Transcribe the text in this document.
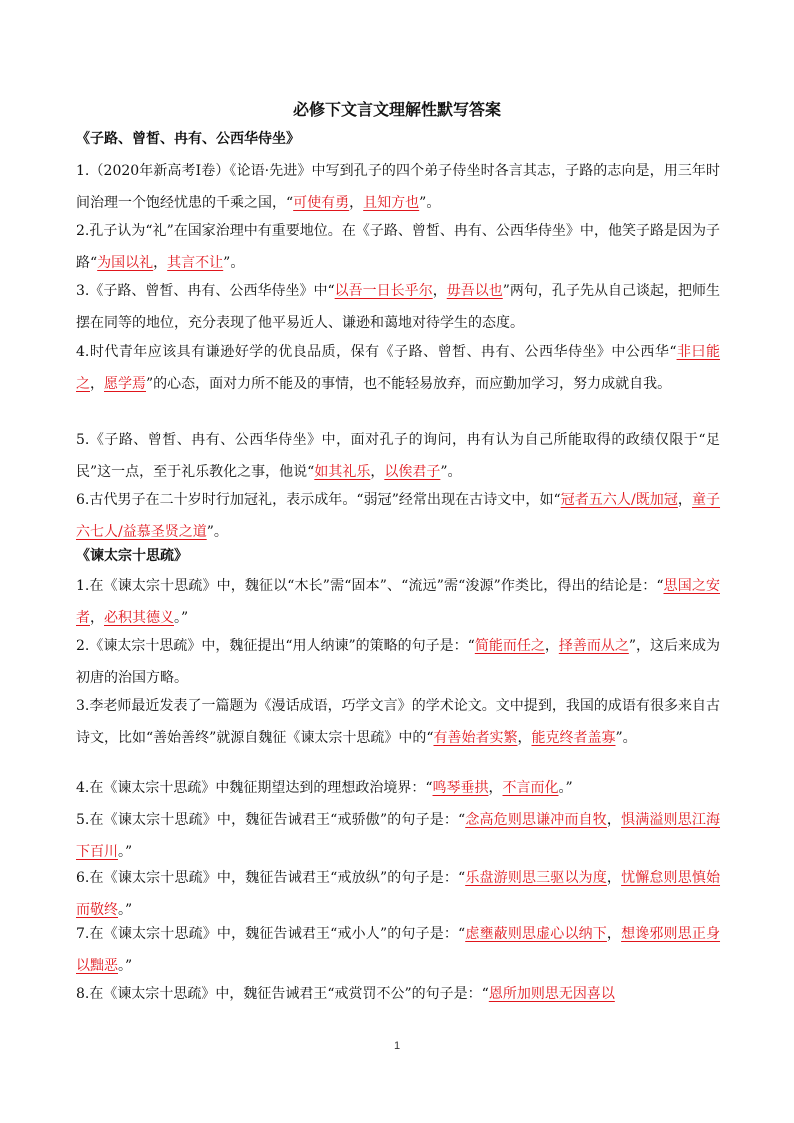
必修下文言文理解性默写答案
《子路、曾皙、冉有、公西华侍坐》
1.（2020年新高考Ⅰ卷）《论语·先进》中写到孔子的四个弟子侍坐时各言其志，子路的志向是，用三年时间治理一个饱经忧患的千乘之国，“可使有勇，且知方也”。
2.孔子认为“礼”在国家治理中有重要地位。在《子路、曾皙、冉有、公西华侍坐》中，他笑子路是因为子路“为国以礼，其言不让”。
3.《子路、曾皙、冉有、公西华侍坐》中“以吾一日长乎尔，毋吾以也”两句，孔子先从自己谈起，把师生摆在同等的地位，充分表现了他平易近人、谦逊和蔼地对待学生的态度。
4.时代青年应该具有谦逊好学的优良品质，保有《子路、曾皙、冉有、公西华侍坐》中公西华“非曰能之，愿学焉”的心态，面对力所不能及的事情，也不能轻易放弃，而应勤加学习，努力成就自我。
5.《子路、曾皙、冉有、公西华侍坐》中，面对孔子的询问，冉有认为自己所能取得的政绩仅限于“足民”这一点，至于礼乐教化之事，他说“如其礼乐，以俟君子”。
6.古代男子在二十岁时行加冠礼，表示成年。“弱冠”经常出现在古诗文中，如“冠者五六人/既加冠，童子六七人/益慕圣贤之道”。
《谏太宗十思疏》
1.在《谏太宗十思疏》中，魏征以“木长”需“固本”、“流远”需“浚源”作类比，得出的结论是：“思国之安者，必积其德义。”
2.《谏太宗十思疏》中，魏征提出“用人纳谏”的策略的句子是：“简能而任之，择善而从之”，这后来成为初唐的治国方略。
3.李老师最近发表了一篇题为《漫话成语，巧学文言》的学术论文。文中提到，我国的成语有很多来自古诗文，比如“善始善终”就源自魏征《谏太宗十思疏》中的“有善始者实繁，能克终者盖寡”。
4.在《谏太宗十思疏》中魏征期望达到的理想政治境界：“鸣琴垂拱，不言而化。”
5.在《谏太宗十思疏》中，魏征告诫君王“戒骄傲”的句子是：“念高危则思谦冲而自牧，惧满溢则思江海下百川。”
6.在《谏太宗十思疏》中，魏征告诫君王“戒放纵”的句子是：“乐盘游则思三驱以为度，忧懈怠则思慎始而敬终。”
7.在《谏太宗十思疏》中，魏征告诫君王“戒小人”的句子是：“虑壅蔽则思虚心以纳下，想谗邪则思正身以黜恶。”
8.在《谏太宗十思疏》中，魏征告诫君王“戒赏罚不公”的句子是：“恩所加则思无因喜以
1
